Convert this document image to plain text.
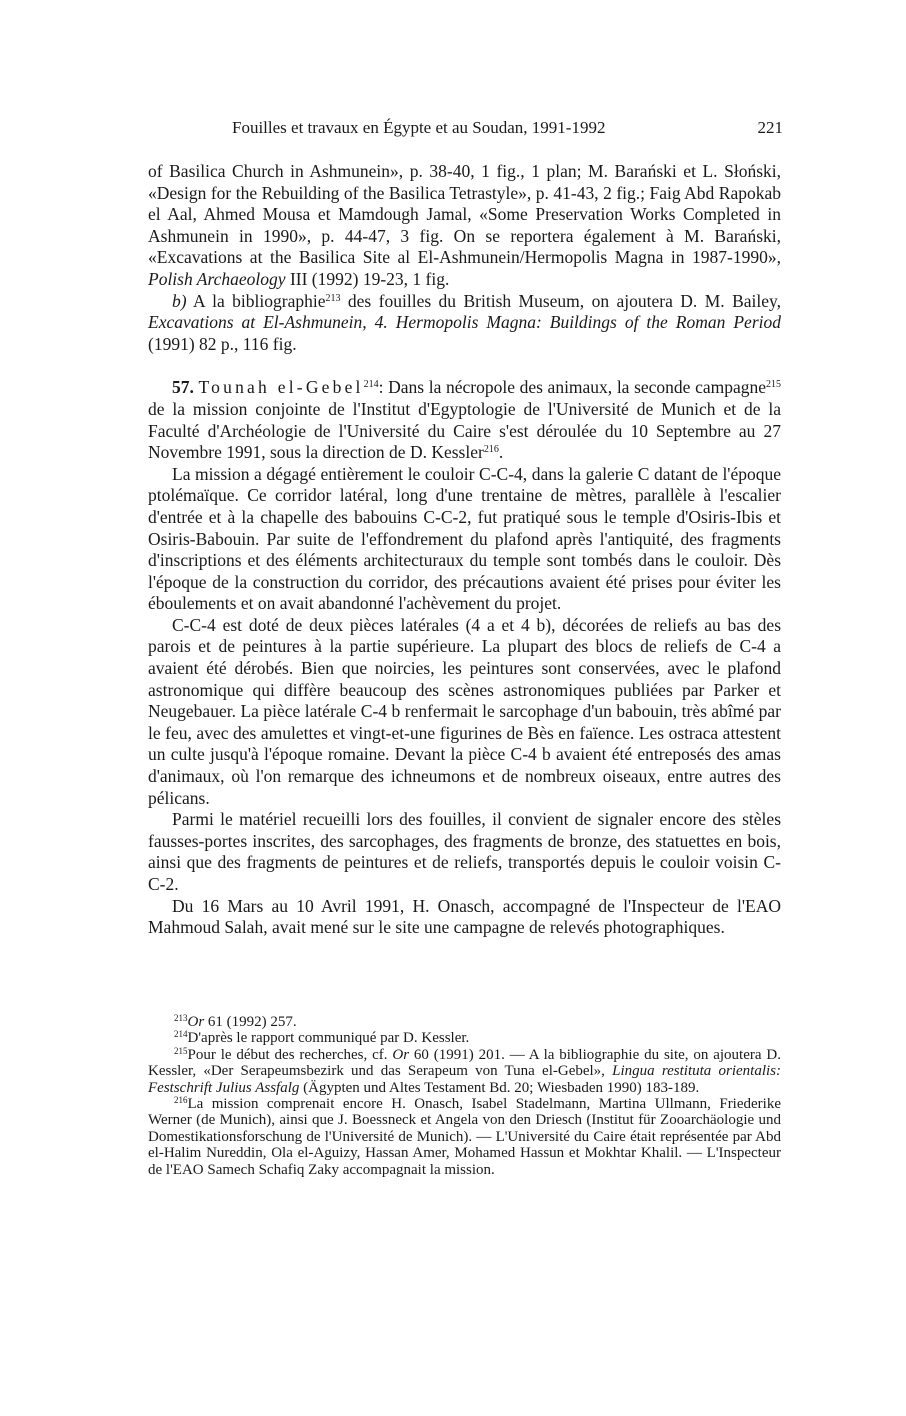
Fouilles et travaux en Égypte et au Soudan, 1991-1992	221

of Basilica Church in Ashmunein», p. 38-40, 1 fig., 1 plan; M. Barański et L. Słoński, «Design for the Rebuilding of the Basilica Tetrastyle», p. 41-43, 2 fig.; Faig Abd Rapokab el Aal, Ahmed Mousa et Mamdough Jamal, «Some Preservation Works Completed in Ashmunein in 1990», p. 44-47, 3 fig. On se reportera également à M. Barański, «Excavations at the Basilica Site al El-Ashmunein/Hermopolis Magna in 1987-1990», Polish Archaeology III (1992) 19-23, 1 fig.

b) A la bibliographie$^{213}$ des fouilles du British Museum, on ajoutera D. M. Bailey, Excavations at El-Ashmunein, 4. Hermopolis Magna: Buildings of the Roman Period (1991) 82 p., 116 fig.

57. Tounah el-Gebel$^{214}$: Dans la nécropole des animaux, la seconde campagne$^{215}$ de la mission conjointe de l'Institut d'Egyptologie de l'Université de Munich et de la Faculté d'Archéologie de l'Université du Caire s'est déroulée du 10 Septembre au 27 Novembre 1991, sous la direction de D. Kessler$^{216}$.

La mission a dégagé entièrement le couloir C-C-4, dans la galerie C datant de l'époque ptolémaïque. Ce corridor latéral, long d'une trentaine de mètres, parallèle à l'escalier d'entrée et à la chapelle des babouins C-C-2, fut pratiqué sous le temple d'Osiris-Ibis et Osiris-Babouin. Par suite de l'effondrement du plafond après l'antiquité, des fragments d'inscriptions et des éléments architecturaux du temple sont tombés dans le couloir. Dès l'époque de la construction du corridor, des précautions avaient été prises pour éviter les éboulements et on avait abandonné l'achèvement du projet.

C-C-4 est doté de deux pièces latérales (4 a et 4 b), décorées de reliefs au bas des parois et de peintures à la partie supérieure. La plupart des blocs de reliefs de C-4 a avaient été dérobés. Bien que noircies, les peintures sont conservées, avec le plafond astronomique qui diffère beaucoup des scènes astronomiques publiées par Parker et Neugebauer. La pièce latérale C-4 b renfermait le sarcophage d'un babouin, très abîmé par le feu, avec des amulettes et vingt-et-une figurines de Bès en faïence. Les ostraca attestent un culte jusqu'à l'époque romaine. Devant la pièce C-4 b avaient été entreposés des amas d'animaux, où l'on remarque des ichneumons et de nombreux oiseaux, entre autres des pélicans.

Parmi le matériel recueilli lors des fouilles, il convient de signaler encore des stèles fausses-portes inscrites, des sarcophages, des fragments de bronze, des statuettes en bois, ainsi que des fragments de peintures et de reliefs, transportés depuis le couloir voisin C-C-2.

Du 16 Mars au 10 Avril 1991, H. Onasch, accompagné de l'Inspecteur de l'EAO Mahmoud Salah, avait mené sur le site une campagne de relevés photographiques.

$^{213}$Or 61 (1992) 257.

$^{214}$D'après le rapport communiqué par D. Kessler.

$^{215}$Pour le début des recherches, cf. Or 60 (1991) 201. — A la bibliographie du site, on ajoutera D. Kessler, «Der Serapeumsbezirk und das Serapeum von Tuna el-Gebel», Lingua restituta orientalis: Festschrift Julius Assfalg (Ägypten und Altes Testament Bd. 20; Wiesbaden 1990) 183-189.

$^{216}$La mission comprenait encore H. Onasch, Isabel Stadelmann, Martina Ullmann, Friederike Werner (de Munich), ainsi que J. Boessneck et Angela von den Driesch (Institut für Zooarchäologie und Domestikationsforschung de l'Université de Munich). — L'Université du Caire était représentée par Abd el-Halim Nureddin, Ola el-Aguizy, Hassan Amer, Mohamed Hassun et Mokhtar Khalil. — L'Inspecteur de l'EAO Samech Schafiq Zaky accompagnait la mission.
